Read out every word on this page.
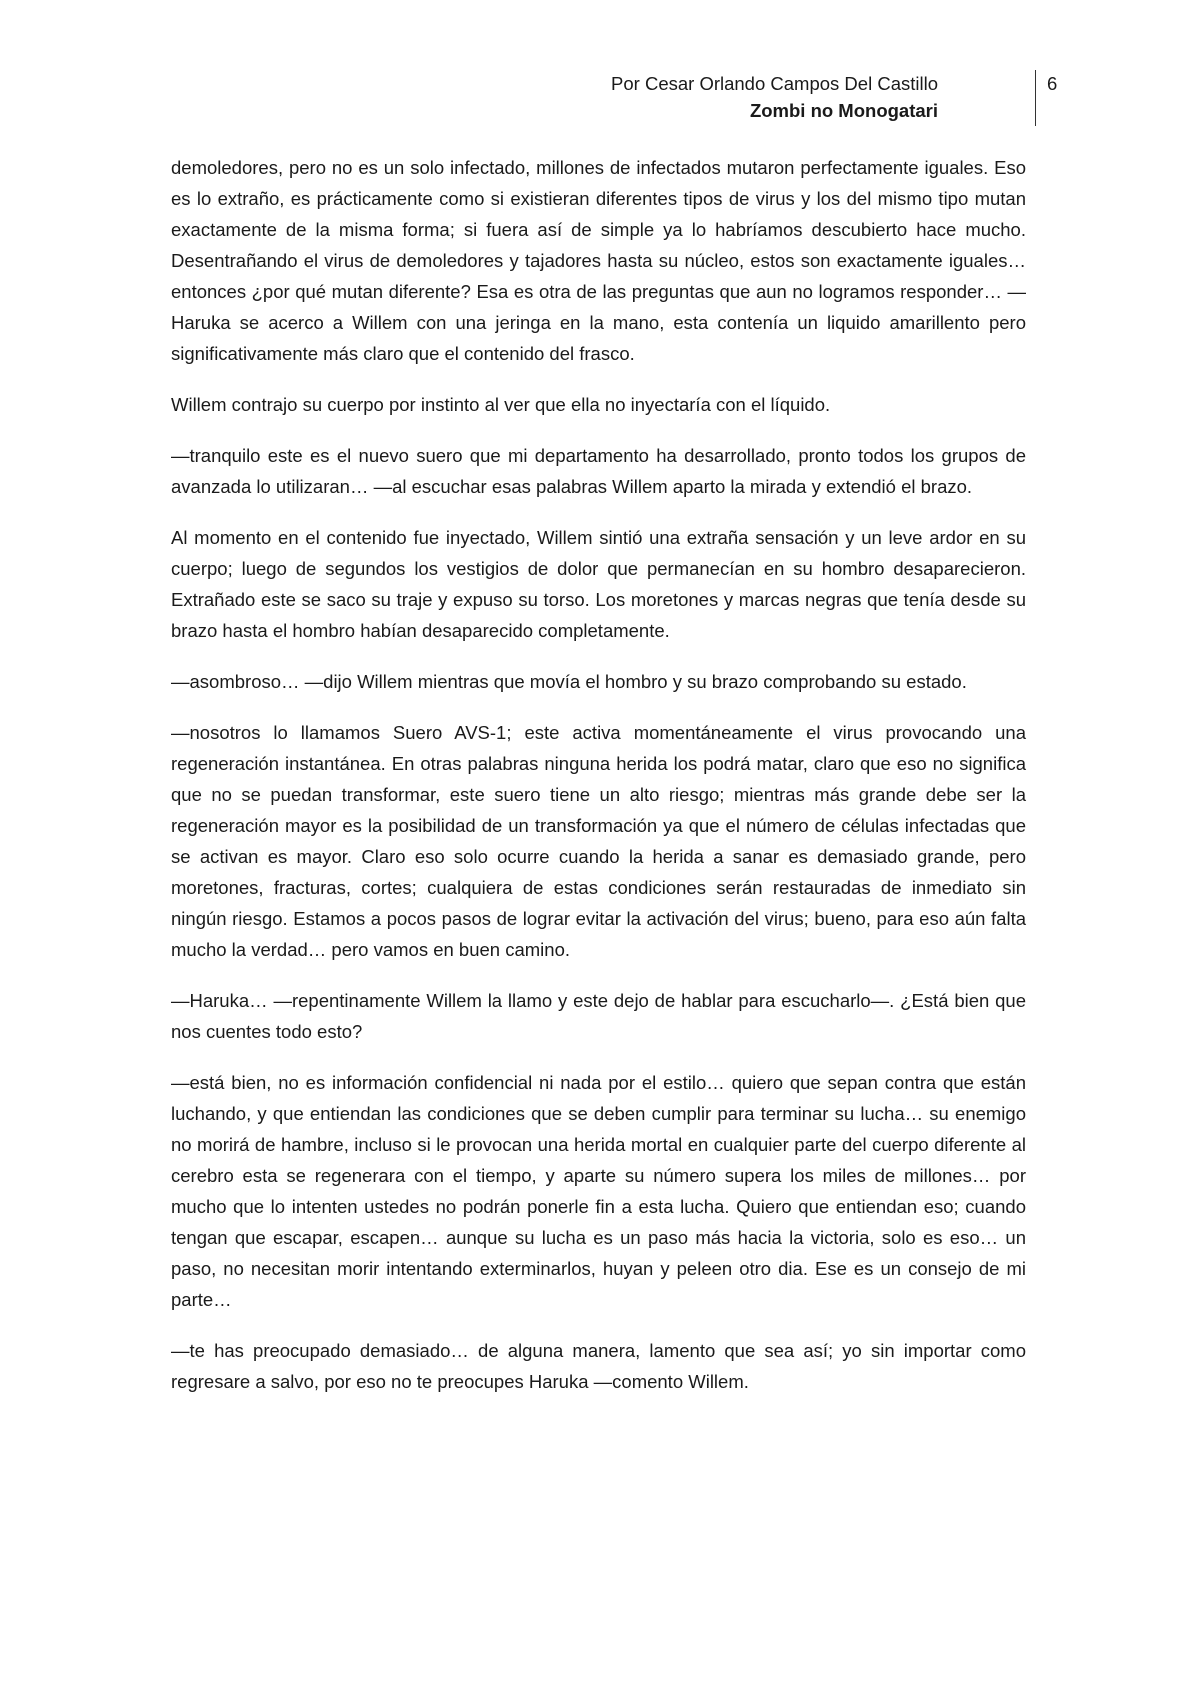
Por Cesar Orlando Campos Del Castillo
Zombi no Monogatari
6

demoledores, pero no es un solo infectado, millones de infectados mutaron perfectamente iguales. Eso es lo extraño, es prácticamente como si existieran diferentes tipos de virus y los del mismo tipo mutan exactamente de la misma forma; si fuera así de simple ya lo habríamos descubierto hace mucho. Desentrañando el virus de demoledores y tajadores hasta su núcleo, estos son exactamente iguales… entonces ¿por qué mutan diferente? Esa es otra de las preguntas que aun no logramos responder… —Haruka se acerco a Willem con una jeringa en la mano, esta contenía un liquido amarillento pero significativamente más claro que el contenido del frasco.

Willem contrajo su cuerpo por instinto al ver que ella no inyectaría con el líquido.

—tranquilo este es el nuevo suero que mi departamento ha desarrollado, pronto todos los grupos de avanzada lo utilizaran… —al escuchar esas palabras Willem aparto la mirada y extendió el brazo.

Al momento en el contenido fue inyectado, Willem sintió una extraña sensación y un leve ardor en su cuerpo; luego de segundos los vestigios de dolor que permanecían en su hombro desaparecieron. Extrañado este se saco su traje y expuso su torso. Los moretones y marcas negras que tenía desde su brazo hasta el hombro habían desaparecido completamente.

—asombroso… —dijo Willem mientras que movía el hombro y su brazo comprobando su estado.

—nosotros lo llamamos Suero AVS-1; este activa momentáneamente el virus provocando una regeneración instantánea. En otras palabras ninguna herida los podrá matar, claro que eso no significa que no se puedan transformar, este suero tiene un alto riesgo; mientras más grande debe ser la regeneración mayor es la posibilidad de un transformación ya que el número de células infectadas que se activan es mayor. Claro eso solo ocurre cuando la herida a sanar es demasiado grande, pero moretones, fracturas, cortes; cualquiera de estas condiciones serán restauradas de inmediato sin ningún riesgo. Estamos a pocos pasos de lograr evitar la activación del virus; bueno, para eso aún falta mucho la verdad… pero vamos en buen camino.

—Haruka… —repentinamente Willem la llamo y este dejo de hablar para escucharlo—. ¿Está bien que nos cuentes todo esto?

—está bien, no es información confidencial ni nada por el estilo… quiero que sepan contra que están luchando, y que entiendan las condiciones que se deben cumplir para terminar su lucha… su enemigo no morirá de hambre, incluso si le provocan una herida mortal en cualquier parte del cuerpo diferente al cerebro esta se regenerara con el tiempo, y aparte su número supera los miles de millones… por mucho que lo intenten ustedes no podrán ponerle fin a esta lucha. Quiero que entiendan eso; cuando tengan que escapar, escapen… aunque su lucha es un paso más hacia la victoria, solo es eso… un paso, no necesitan morir intentando exterminarlos, huyan y peleen otro dia. Ese es un consejo de mi parte…

—te has preocupado demasiado… de alguna manera, lamento que sea así; yo sin importar como regresare a salvo, por eso no te preocupes Haruka —comento Willem.
